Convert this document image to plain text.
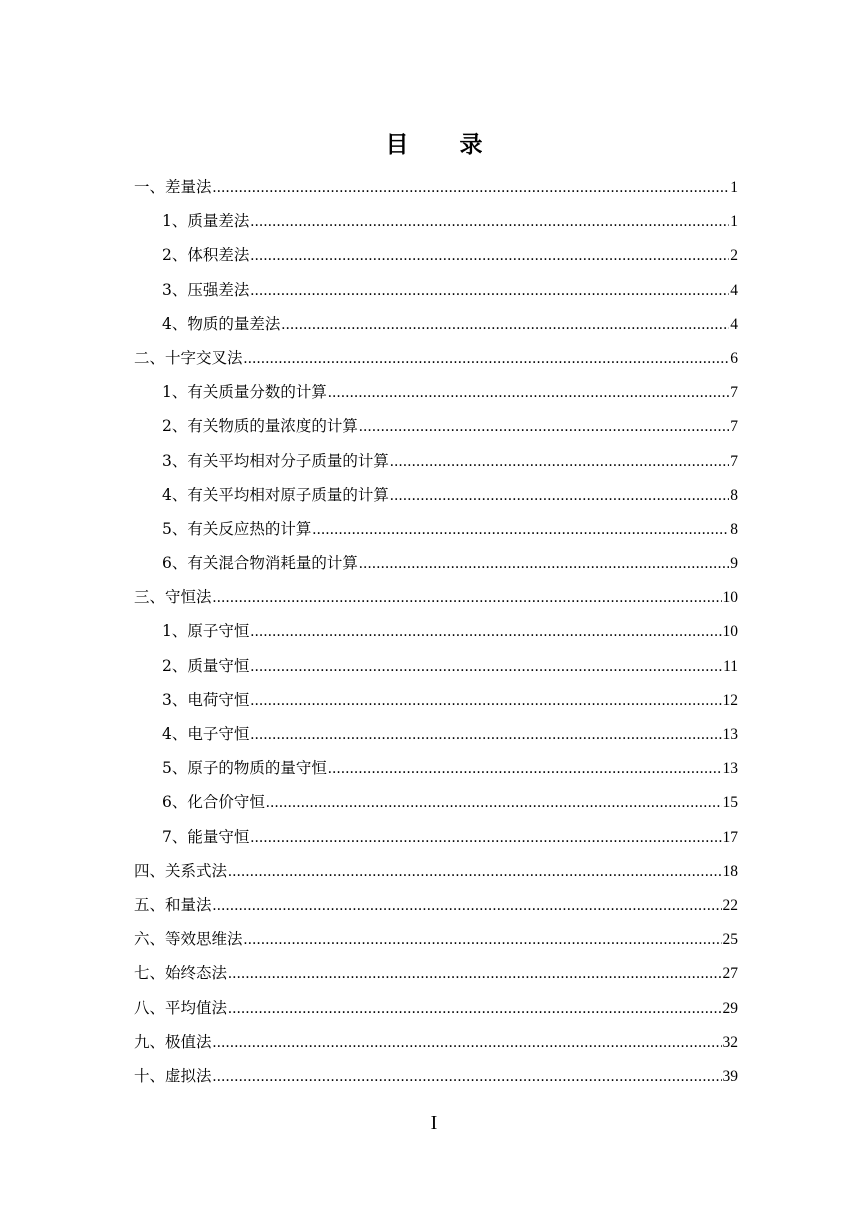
目　录
一、差量法 .....	1
1、质量差法 .....	1
2、体积差法 .....	2
3、压强差法 .....	4
4、物质的量差法 .....	4
二、十字交叉法 .....	6
1、有关质量分数的计算 .....	7
2、有关物质的量浓度的计算 .....	7
3、有关平均相对分子质量的计算 .....	7
4、有关平均相对原子质量的计算 .....	8
5、有关反应热的计算 .....	8
6、有关混合物消耗量的计算 .....	9
三、守恒法 .....	10
1、原子守恒 .....	10
2、质量守恒 .....	11
3、电荷守恒 .....	12
4、电子守恒 .....	13
5、原子的物质的量守恒 .....	13
6、化合价守恒 .....	15
7、能量守恒 .....	17
四、关系式法 .....	18
五、和量法 .....	22
六、等效思维法 .....	25
七、始终态法 .....	27
八、平均值法 .....	29
九、极值法 .....	32
十、虚拟法 .....	39
I
